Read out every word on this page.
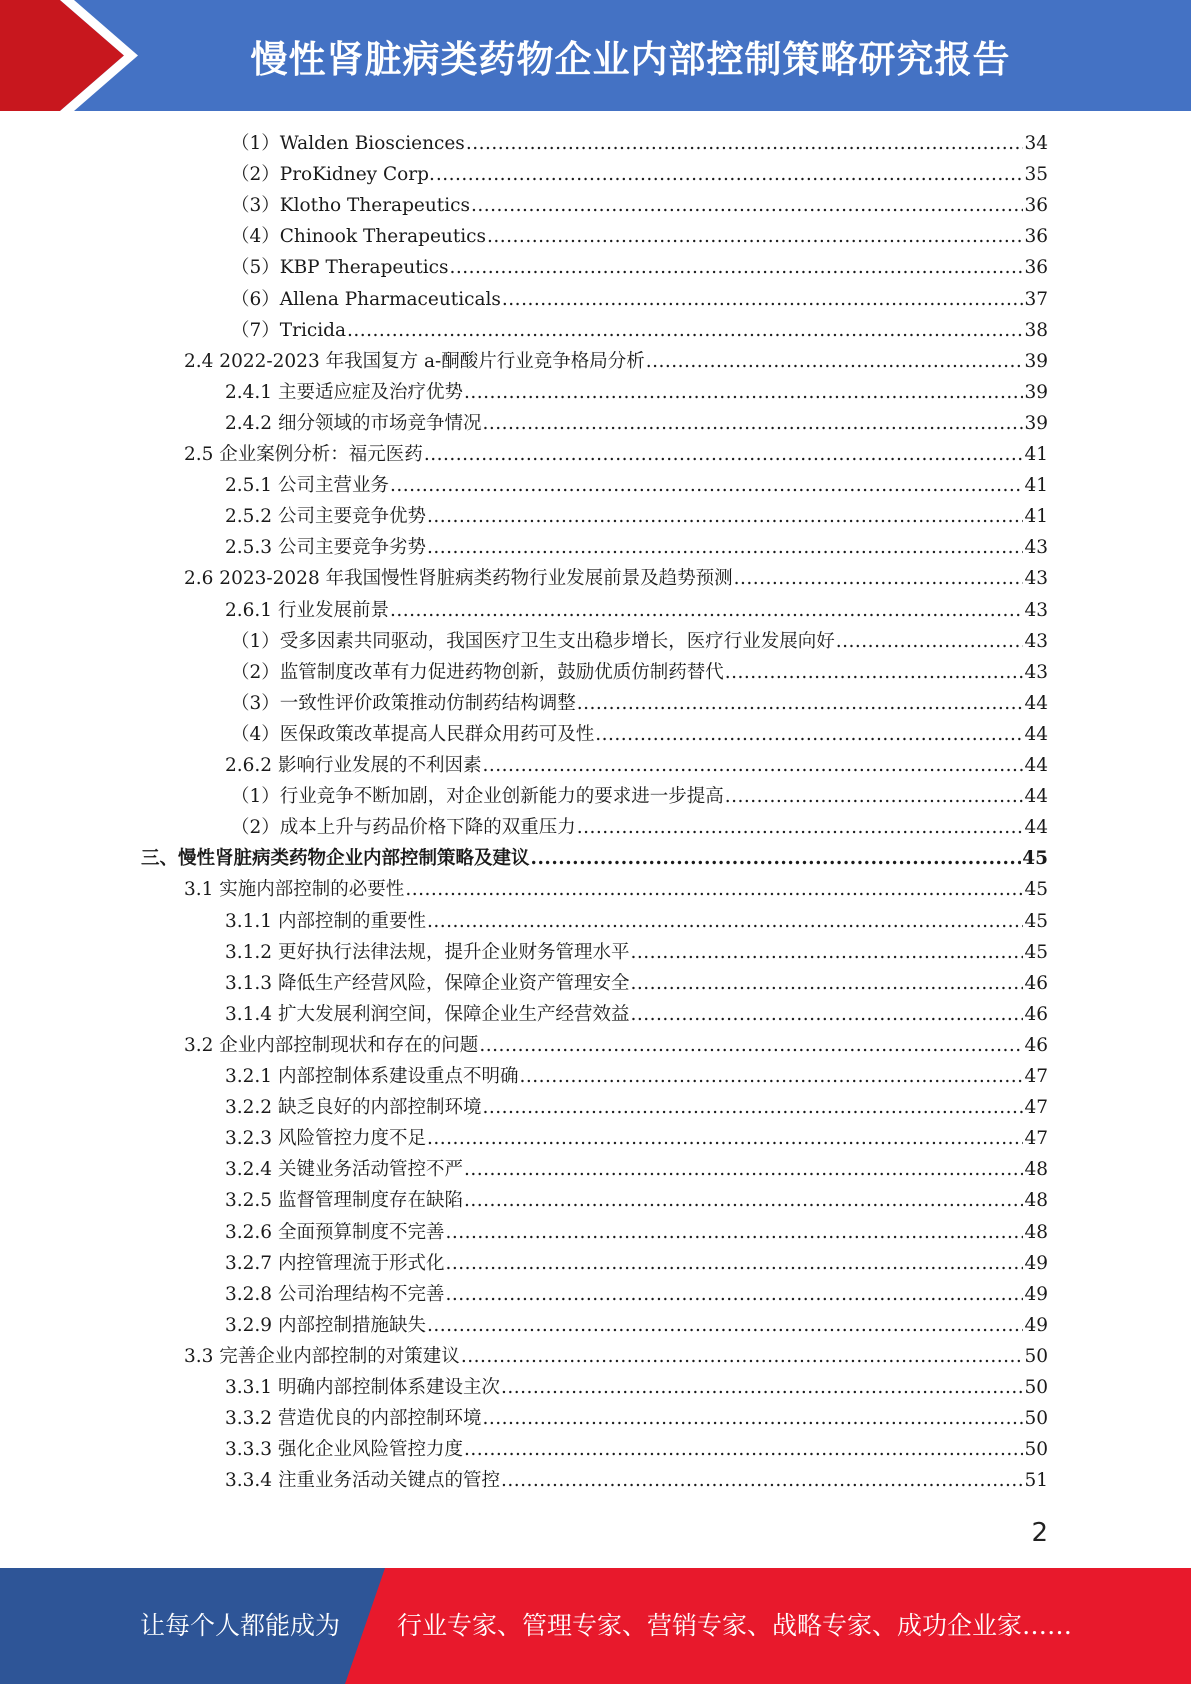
慢性肾脏病类药物企业内部控制策略研究报告
（1）Walden Biosciences .....	34
（2）ProKidney Corp. .....	35
（3）Klotho Therapeutics .....	36
（4）Chinook Therapeutics .....	36
（5）KBP Therapeutics .....	36
（6）Allena Pharmaceuticals .....	37
（7）Tricida .....	38
2.4 2022-2023 年我国复方 a-酮酸片行业竞争格局分析 .....	39
2.4.1 主要适应症及治疗优势 .....	39
2.4.2 细分领域的市场竞争情况 .....	39
2.5 企业案例分析：福元医药 .....	41
2.5.1 公司主营业务 .....	41
2.5.2 公司主要竞争优势 .....	41
2.5.3 公司主要竞争劣势 .....	43
2.6 2023-2028 年我国慢性肾脏病类药物行业发展前景及趋势预测 .....	43
2.6.1 行业发展前景 .....	43
（1）受多因素共同驱动，我国医疗卫生支出稳步增长，医疗行业发展向好 .....	43
（2）监管制度改革有力促进药物创新，鼓励优质仿制药替代 .....	43
（3）一致性评价政策推动仿制药结构调整 .....	44
（4）医保政策改革提高人民群众用药可及性 .....	44
2.6.2 影响行业发展的不利因素 .....	44
（1）行业竞争不断加剧，对企业创新能力的要求进一步提高 .....	44
（2）成本上升与药品价格下降的双重压力 .....	44
三、慢性肾脏病类药物企业内部控制策略及建议 .....	45
3.1 实施内部控制的必要性 .....	45
3.1.1 内部控制的重要性 .....	45
3.1.2 更好执行法律法规，提升企业财务管理水平 .....	45
3.1.3 降低生产经营风险，保障企业资产管理安全 .....	46
3.1.4 扩大发展利润空间，保障企业生产经营效益 .....	46
3.2 企业内部控制现状和存在的问题 .....	46
3.2.1 内部控制体系建设重点不明确 .....	47
3.2.2 缺乏良好的内部控制环境 .....	47
3.2.3 风险管控力度不足 .....	47
3.2.4 关键业务活动管控不严 .....	48
3.2.5 监督管理制度存在缺陷 .....	48
3.2.6 全面预算制度不完善 .....	48
3.2.7 内控管理流于形式化 .....	49
3.2.8 公司治理结构不完善 .....	49
3.2.9 内部控制措施缺失 .....	49
3.3 完善企业内部控制的对策建议 .....	50
3.3.1 明确内部控制体系建设主次 .....	50
3.3.2 营造优良的内部控制环境 .....	50
3.3.3 强化企业风险管控力度 .....	50
3.3.4 注重业务活动关键点的管控 .....	51
2
让每个人都能成为 行业专家、管理专家、营销专家、战略专家、成功企业家……
